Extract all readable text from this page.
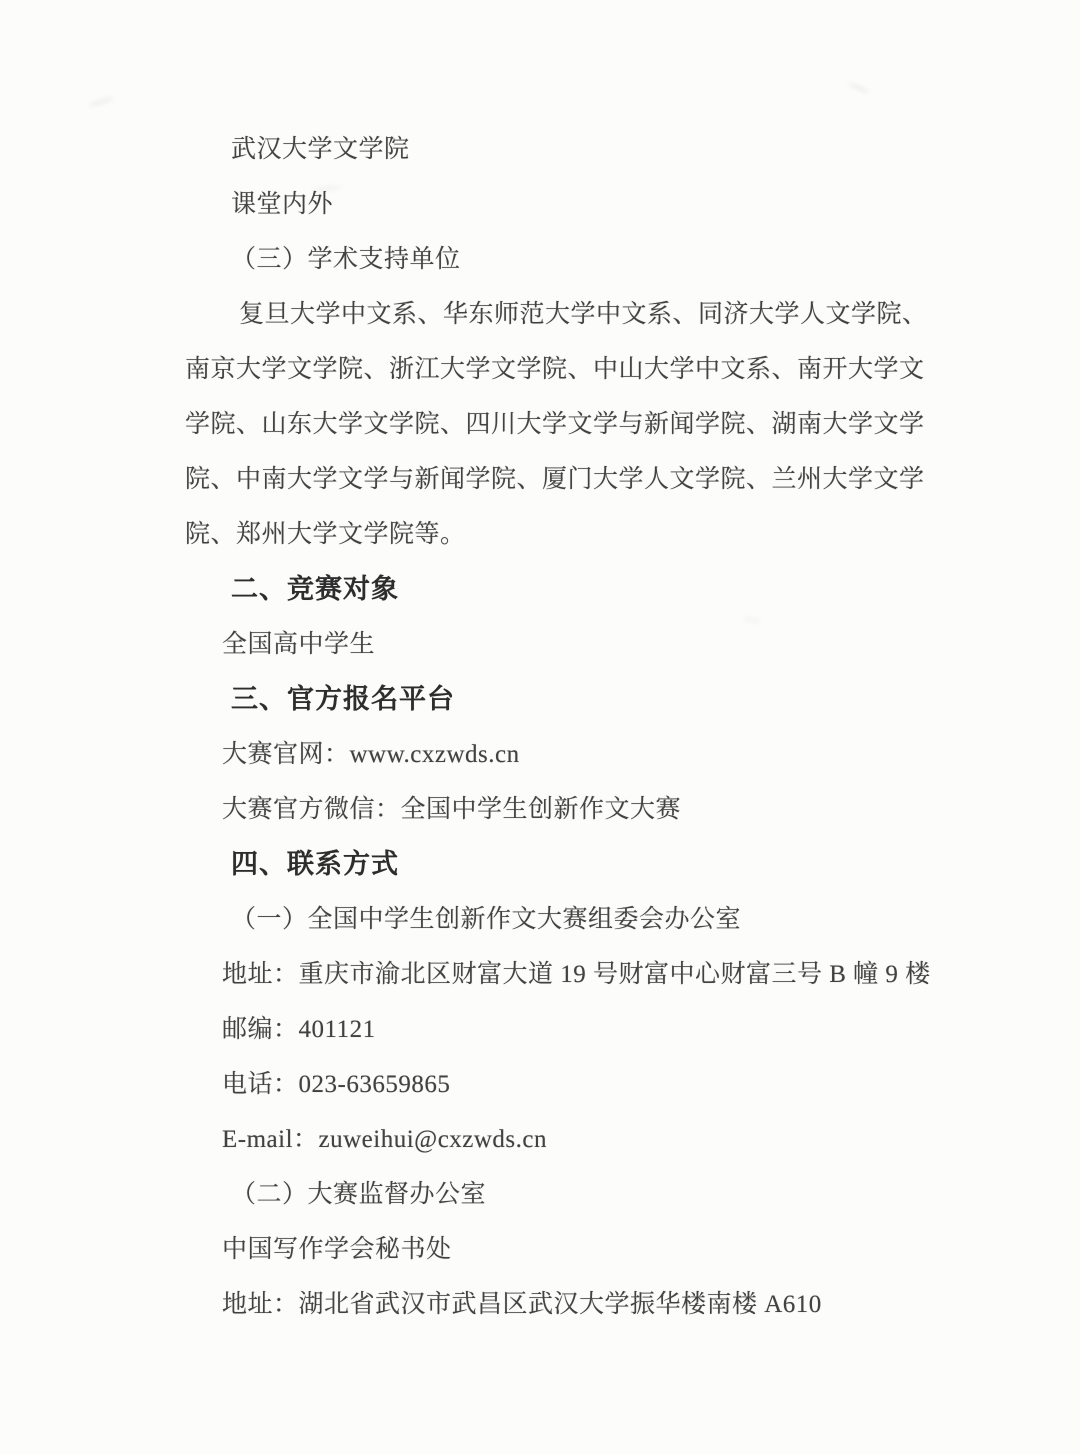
武汉大学文学院
课堂内外
（三）学术支持单位
复旦大学中文系、华东师范大学中文系、同济大学人文学院、
南京大学文学院、浙江大学文学院、中山大学中文系、南开大学文
学院、山东大学文学院、四川大学文学与新闻学院、湖南大学文学
院、中南大学文学与新闻学院、厦门大学人文学院、兰州大学文学
院、郑州大学文学院等。
二、竞赛对象
全国高中学生
三、官方报名平台
大赛官网：www.cxzwds.cn
大赛官方微信：全国中学生创新作文大赛
四、联系方式
（一）全国中学生创新作文大赛组委会办公室
地址：重庆市渝北区财富大道 19 号财富中心财富三号 B 幢 9 楼
邮编：401121
电话：023-63659865
E-mail：zuweihui@cxzwds.cn
（二）大赛监督办公室
中国写作学会秘书处
地址：湖北省武汉市武昌区武汉大学振华楼南楼 A610
